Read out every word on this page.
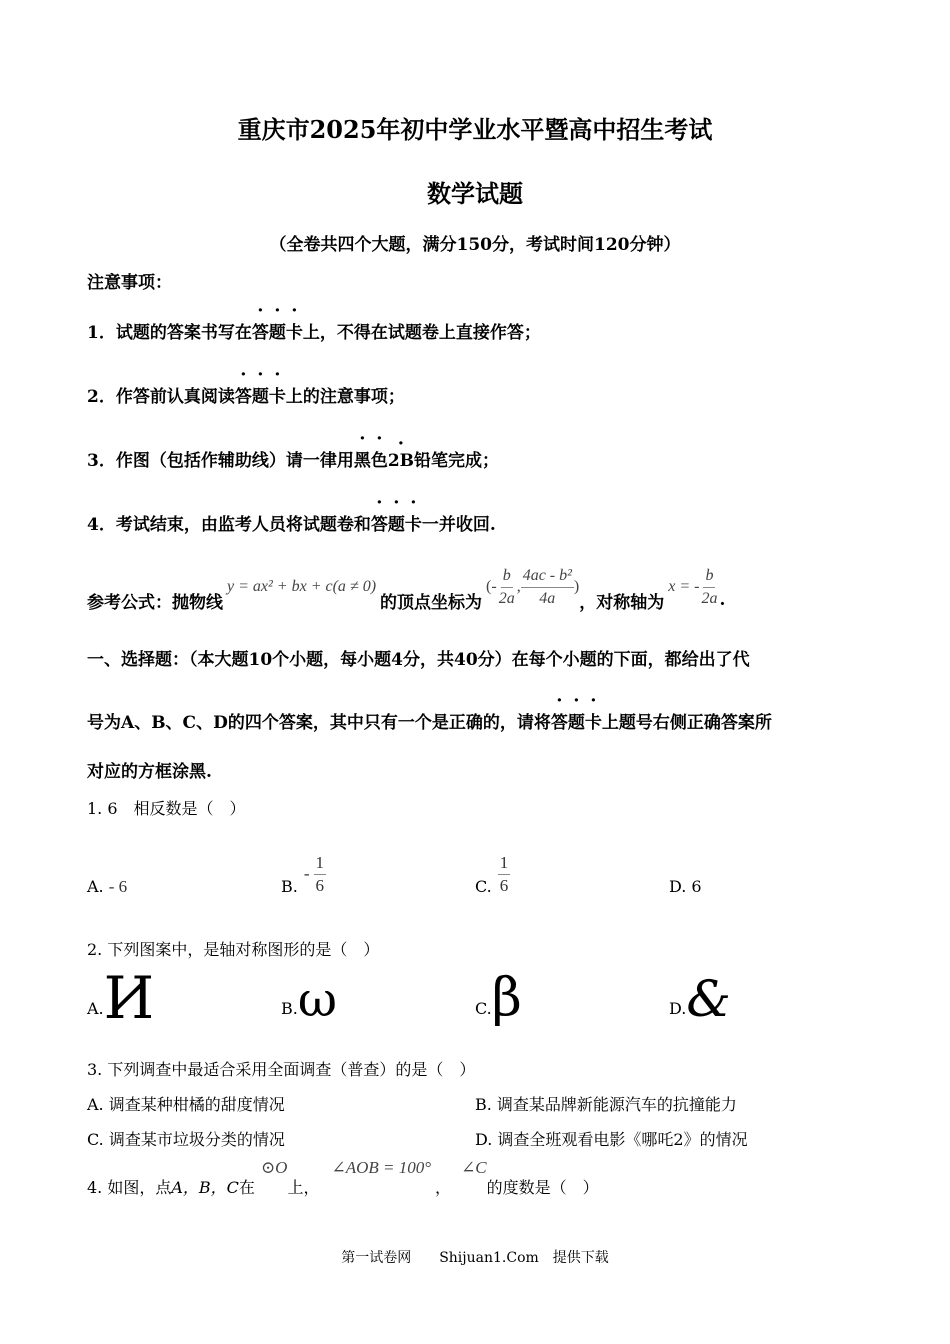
重庆市2025年初中学业水平暨高中招生考试
数学试题
（全卷共四个大题，满分150分，考试时间120分钟）
注意事项：
1．试题的答案书写在答题卡上，不得在试题卷上直接作答；
2．作答前认真阅读答题卡上的注意事项；
3．作图（包括作辅助线）请一律用黑色· 2B铅笔完成；
4．考试结束，由监考人员将试题卷和答题卡一并收回.
参考公式：抛物线
y = ax² + bx + c(a ≠ 0)
的顶点坐标为
(- $\frac{b}{2a}$ , $\frac{\text{4ac - b²}}{4a}$ )
，对称轴为
x = - $\frac{b}{2a}$ .
一、选择题：（本大题10个小题，每小题4分，共40分）在每个小题的下面，都给出了代
号为A、B、C、D的四个答案，其中只有一个是正确的，请将答题卡上题号右侧正确答案所
对应的方框涂黑.
1. 6　相反数是（　）
A. - 6	B.
- $\frac{1}{6}$	C. $\frac{1}{6}$	D. 6
2. 下列图案中，是轴对称图形的是（　）
A. И	B. ω	C. β	D. &
3. 下列调查中最适合采用全面调查（普查）的是（　）
A. 调查某种柑橘的甜度情况	B. 调查某品牌新能源汽车的抗撞能力
C. 调查某市垃圾分类的情况	D. 调查全班观看电影《哪吒2》的情况
4. 如图，点 A，B，C 在
⊙O
上，
∠AOB = 100°
，
∠C
的度数是（　）
第一试卷网　　Shijuan1.Com　提供下载
